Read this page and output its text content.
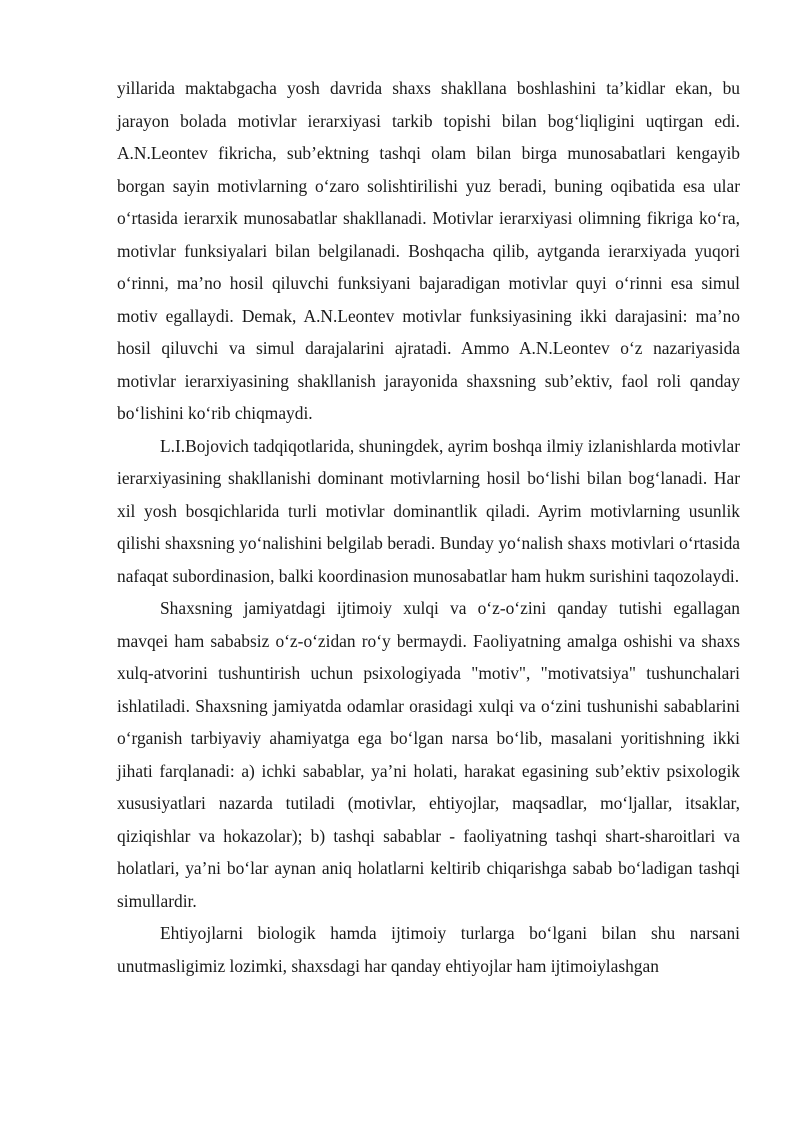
yillarida maktabgacha yosh davrida shaxs shakllana boshlashini ta’kidlar ekan, bu jarayon bolada motivlar ierarxiyasi tarkib topishi bilan bog‘liqligini uqtirgan edi. A.N.Leontev fikricha, sub’ektning tashqi olam bilan birga munosabatlari kengayib borgan sayin motivlarning o‘zaro solishtirilishi yuz beradi, buning oqibatida esa ular o‘rtasida ierarxik munosabatlar shakllanadi. Motivlar ierarxiyasi olimning fikriga ko‘ra, motivlar funksiyalari bilan belgilanadi. Boshqacha qilib, aytganda ierarxiyada yuqori o‘rinni, ma’no hosil qiluvchi funksiyani bajaradigan motivlar quyi o‘rinni esa simul motiv egallaydi. Demak, A.N.Leontev motivlar funksiyasining ikki darajasini: ma’no hosil qiluvchi va simul darajalarini ajratadi. Ammo A.N.Leontev o‘z nazariyasida motivlar ierarxiyasining shakllanish jarayonida shaxsning sub’ektiv, faol roli qanday bo‘lishini ko‘rib chiqmaydi.

L.I.Bojovich tadqiqotlarida, shuningdek, ayrim boshqa ilmiy izlanishlarda motivlar ierarxiyasining shakllanishi dominant motivlarning hosil bo‘lishi bilan bog‘lanadi. Har xil yosh bosqichlarida turli motivlar dominantlik qiladi. Ayrim motivlarning usunlik qilishi shaxsning yo‘nalishini belgilab beradi. Bunday yo‘nalish shaxs motivlari o‘rtasida nafaqat subordinasion, balki koordinasion munosabatlar ham hukm surishini taqozolaydi.

Shaxsning jamiyatdagi ijtimoiy xulqi va o‘z-o‘zini qanday tutishi egallagan mavqei ham sababsiz o‘z-o‘zidan ro‘y bermaydi. Faoliyatning amalga oshishi va shaxs xulq-atvorini tushuntirish uchun psixologiyada "motiv", "motivatsiya" tushunchalari ishlatiladi. Shaxsning jamiyatda odamlar orasidagi xulqi va o‘zini tushunishi sabablarini o‘rganish tarbiyaviy ahamiyatga ega bo‘lgan narsa bo‘lib, masalani yoritishning ikki jihati farqlanadi: a) ichki sabablar, ya’ni holati, harakat egasining sub’ektiv psixologik xususiyatlari nazarda tutiladi (motivlar, ehtiyojlar, maqsadlar, mo‘ljallar, itsaklar, qiziqishlar va hokazolar); b) tashqi sabablar - faoliyatning tashqi shart-sharoitlari va holatlari, ya’ni bo‘lar aynan aniq holatlarni keltirib chiqarishga sabab bo‘ladigan tashqi simullardir.

Ehtiyojlarni biologik hamda ijtimoiy turlarga bo‘lgani bilan shu narsani unutmasligimiz lozimki, shaxsdagi har qanday ehtiyojlar ham ijtimoiylashgan
